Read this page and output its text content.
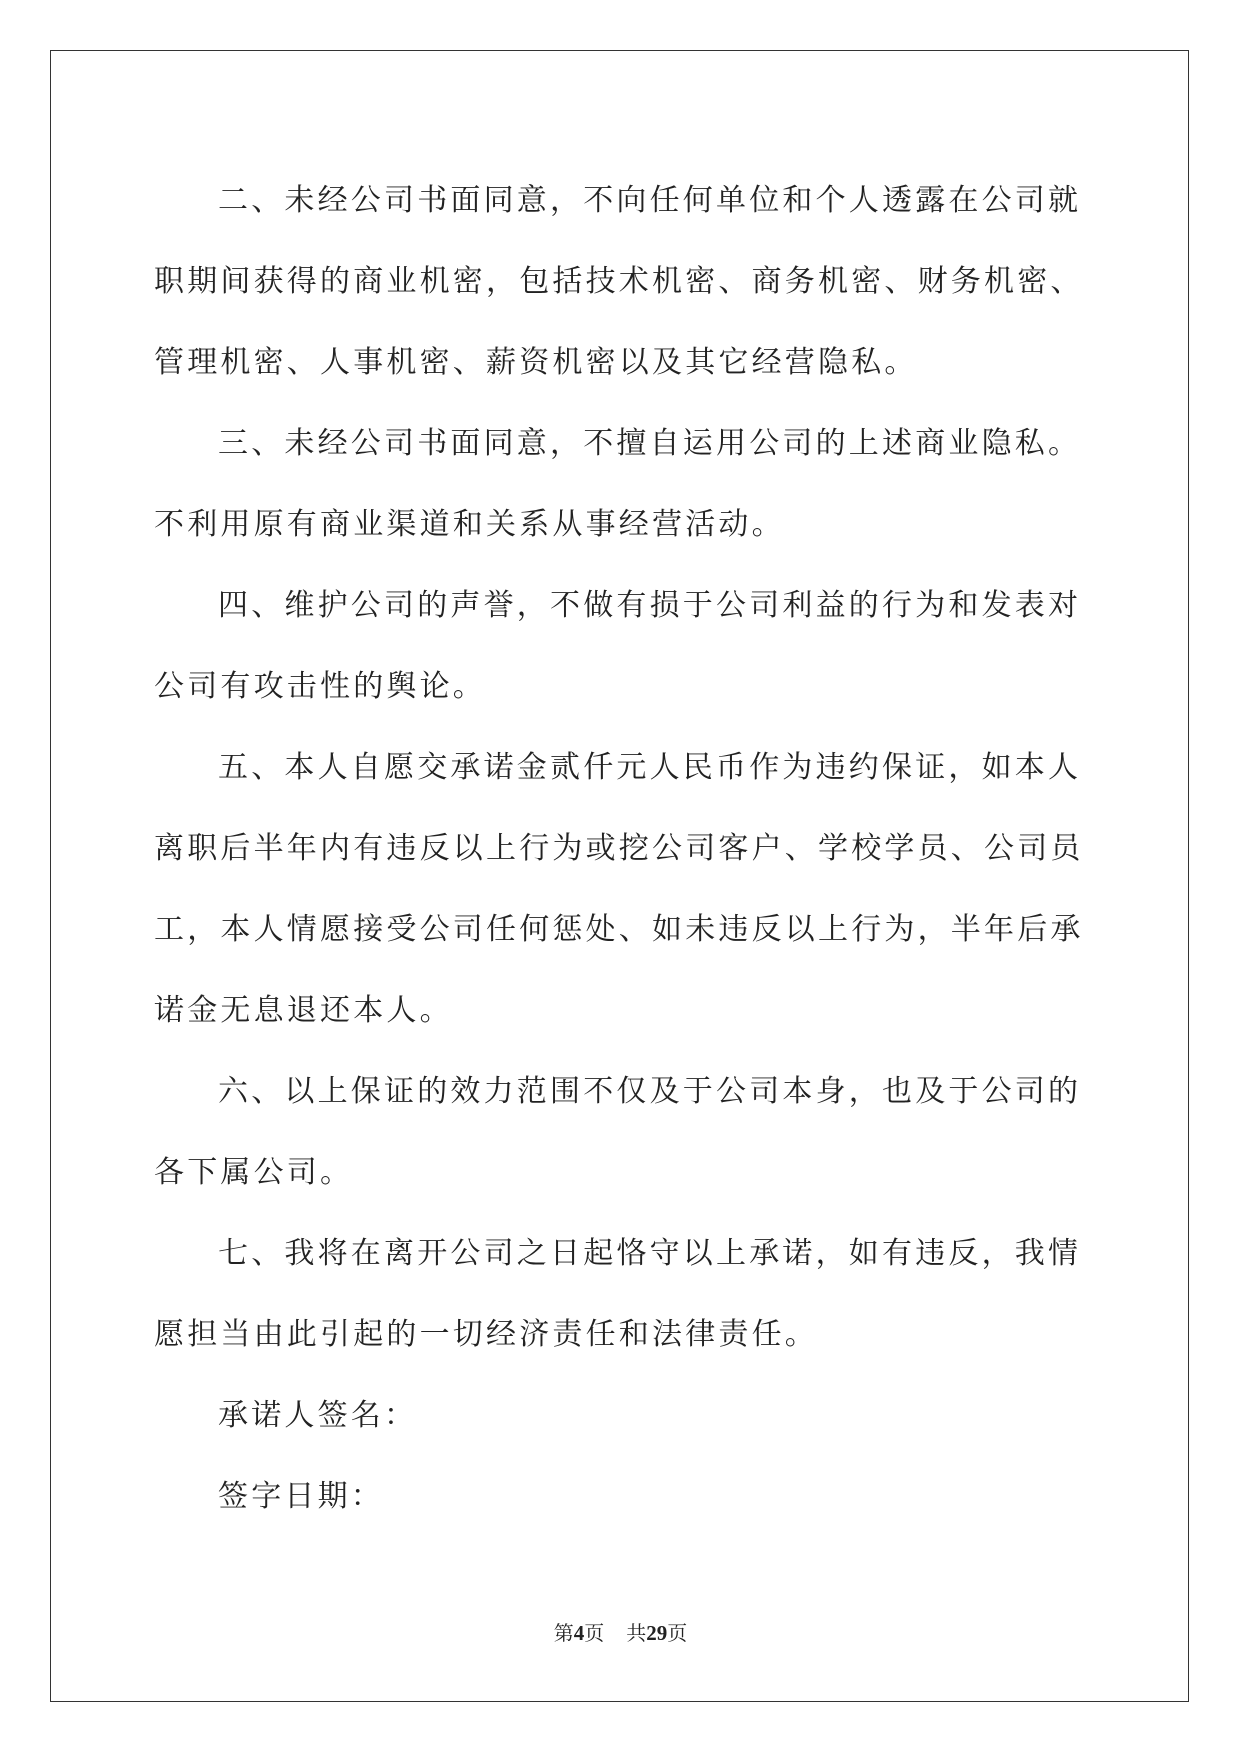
二、未经公司书面同意，不向任何单位和个人透露在公司就职期间获得的商业机密，包括技术机密、商务机密、财务机密、管理机密、人事机密、薪资机密以及其它经营隐私。

三、未经公司书面同意，不擅自运用公司的上述商业隐私。不利用原有商业渠道和关系从事经营活动。

四、维护公司的声誉，不做有损于公司利益的行为和发表对公司有攻击性的舆论。

五、本人自愿交承诺金贰仟元人民币作为违约保证，如本人离职后半年内有违反以上行为或挖公司客户、学校学员、公司员工，本人情愿接受公司任何惩处、如未违反以上行为，半年后承诺金无息退还本人。

六、以上保证的效力范围不仅及于公司本身，也及于公司的各下属公司。

七、我将在离开公司之日起恪守以上承诺，如有违反，我情愿担当由此引起的一切经济责任和法律责任。

承诺人签名：

签字日期：

第4页 共29页
